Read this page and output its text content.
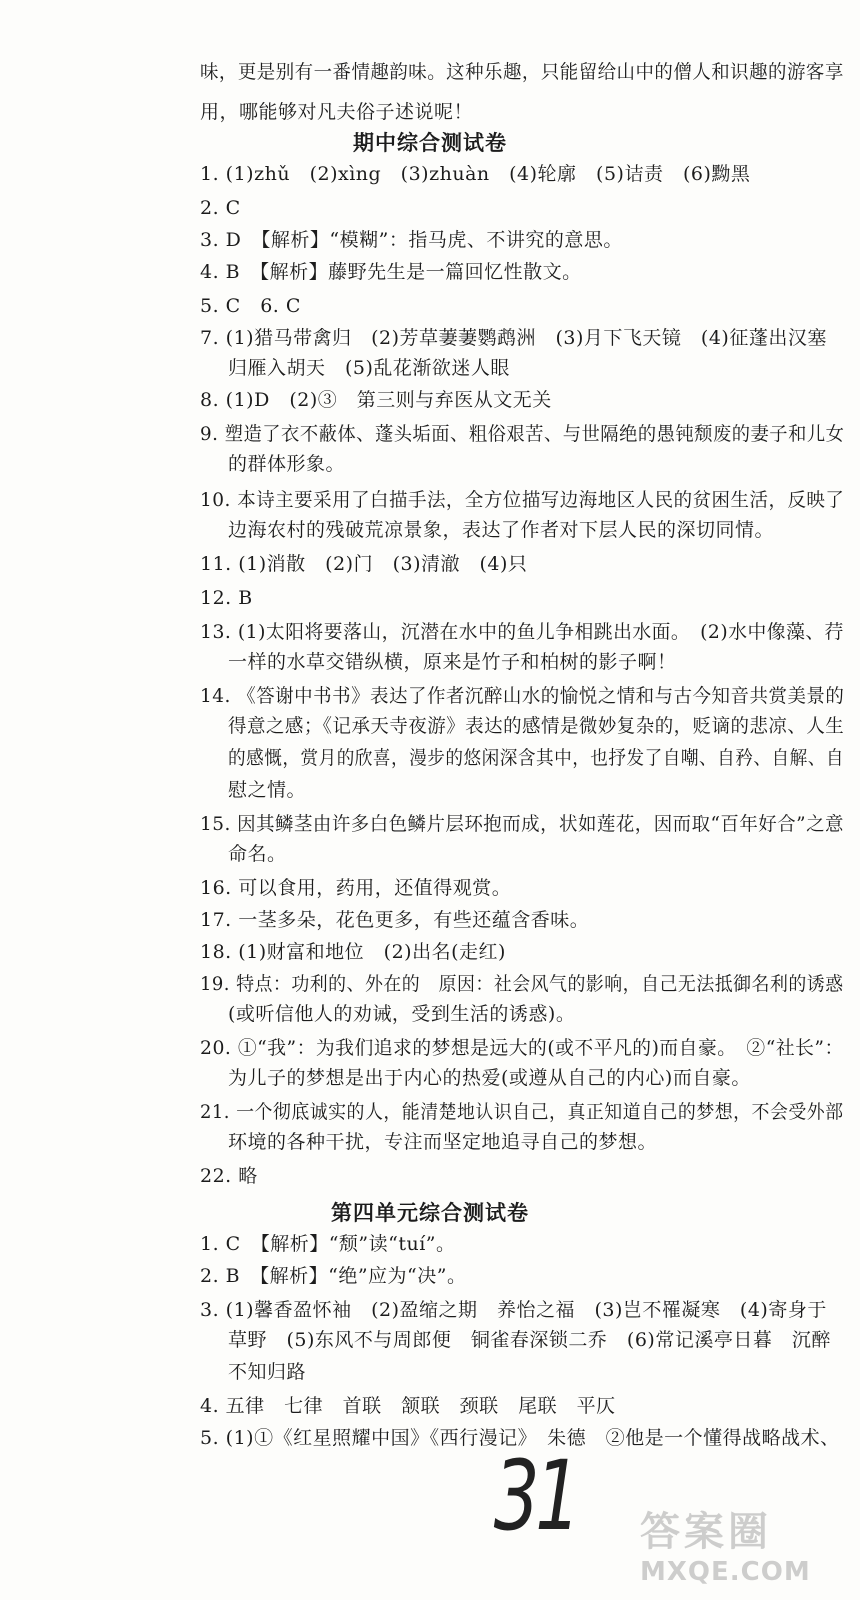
味，更是别有一番情趣韵味。这种乐趣，只能留给山中的僧人和识趣的游客享
用，哪能够对凡夫俗子述说呢！
期中综合测试卷
1. (1)zhǔ　(2)xìng　(3)zhuàn　(4)轮廓　(5)诘责　(6)黝黑
2. C
3. D　【解析】“模糊”：指马虎、不讲究的意思。
4. B　【解析】藤野先生是一篇回忆性散文。
5. C　6. C
7. (1)猎马带禽归　(2)芳草萋萋鹦鹉洲　(3)月下飞天镜　(4)征蓬出汉塞
归雁入胡天　(5)乱花渐欲迷人眼
8. (1)D　(2)③　第三则与弃医从文无关
9. 塑造了衣不蔽体、蓬头垢面、粗俗艰苦、与世隔绝的愚钝颓废的妻子和儿女
的群体形象。
10. 本诗主要采用了白描手法，全方位描写边海地区人民的贫困生活，反映了
边海农村的残破荒凉景象，表达了作者对下层人民的深切同情。
11. (1)消散　(2)门　(3)清澈　(4)只
12. B
13. (1)太阳将要落山，沉潜在水中的鱼儿争相跳出水面。　(2)水中像藻、荇
一样的水草交错纵横，原来是竹子和柏树的影子啊！
14. 《答谢中书书》表达了作者沉醉山水的愉悦之情和与古今知音共赏美景的
得意之感；《记承天寺夜游》表达的感情是微妙复杂的，贬谪的悲凉、人生
的感慨，赏月的欣喜，漫步的悠闲深含其中，也抒发了自嘲、自矜、自解、自
慰之情。
15. 因其鳞茎由许多白色鳞片层环抱而成，状如莲花，因而取“百年好合”之意
命名。
16. 可以食用，药用，还值得观赏。
17. 一茎多朵，花色更多，有些还蕴含香味。
18. (1)财富和地位　(2)出名(走红)
19. 特点：功利的、外在的　原因：社会风气的影响，自己无法抵御名利的诱惑
(或听信他人的劝诫，受到生活的诱惑)。
20. ①“我”：为我们追求的梦想是远大的(或不平凡的)而自豪。　②“社长”：
为儿子的梦想是出于内心的热爱(或遵从自己的内心)而自豪。
21. 一个彻底诚实的人，能清楚地认识自己，真正知道自己的梦想，不会受外部
环境的各种干扰，专注而坚定地追寻自己的梦想。
22. 略
第四单元综合测试卷
1. C　【解析】“颓”读“tuí”。
2. B　【解析】“绝”应为“决”。
3. (1)馨香盈怀袖　(2)盈缩之期　养怡之福　(3)岂不罹凝寒　(4)寄身于
草野　(5)东风不与周郎便　铜雀春深锁二乔　(6)常记溪亭日暮　沉醉
不知归路
4. 五律　七律　首联　颔联　颈联　尾联　平仄
5. (1)①《红星照耀中国》《西行漫记》　朱德　②他是一个懂得战略战术、
31 答案圈
MXQE.COM
